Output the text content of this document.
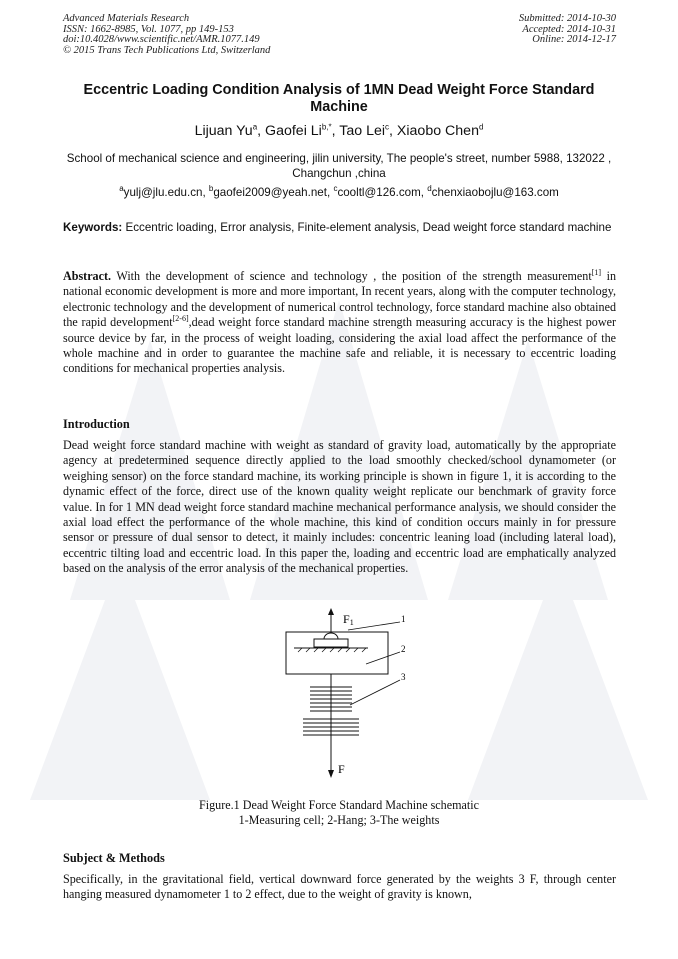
Advanced Materials Research
ISSN: 1662-8985, Vol. 1077, pp 149-153
doi:10.4028/www.scientific.net/AMR.1077.149
© 2015 Trans Tech Publications Ltd, Switzerland
Submitted: 2014-10-30
Accepted: 2014-10-31
Online: 2014-12-17
Eccentric Loading Condition Analysis of 1MN Dead Weight Force Standard Machine
Lijuan Yu$^a$, Gaofei $Li^{b,*}$, Tao Lei$^c$, Xiaobo Chen$^d$
School of mechanical science and engineering, jilin university, The people's street, number 5988, 132022 , Changchun ,china
$^a$yulj@jlu.edu.cn, $^b$gaofei2009@yeah.net, $^c$cooltl@126.com, $^d$chenxiaobojlu@163.com
Keywords: Eccentric loading, Error analysis, Finite-element analysis, Dead weight force standard machine
Abstract. With the development of science and technology , the position of the strength measurement[1] in national economic development is more and more important, In recent years, along with the computer technology, electronic technology and the development of numerical control technology, force standard machine also obtained the rapid development[2-6],dead weight force standard machine strength measuring accuracy is the highest power source device by far, in the process of weight loading, considering the axial load affect the performance of the whole machine and in order to guarantee the machine safe and reliable, it is necessary to eccentric loading conditions for mechanical properties analysis.
Introduction
Dead weight force standard machine with weight as standard of gravity load, automatically by the appropriate agency at predetermined sequence directly applied to the load smoothly checked/school dynamometer (or weighing sensor) on the force standard machine, its working principle is shown in figure 1, it is according to the dynamic effect of the force, direct use of the known quality weight replicate our benchmark of gravity force value. In for 1 MN dead weight force standard machine mechanical performance analysis, we should consider the axial load effect the performance of the whole machine, this kind of condition occurs mainly in for pressure sensor or pressure of dual sensor to detect, it mainly includes: concentric leaning load (including lateral load), eccentric tilting load and eccentric load. In this paper the, loading and eccentric load are emphatically analyzed based on the analysis of the error analysis of the mechanical properties.
F1
F
1
2
3
Figure.1 Dead Weight Force Standard Machine schematic
1-Measuring cell; 2-Hang; 3-The weights
Subject & Methods
Specifically, in the gravitational field, vertical downward force generated by the weights 3 F, through center hanging measured dynamometer 1 to 2 effect, due to the weight of gravity is known,
